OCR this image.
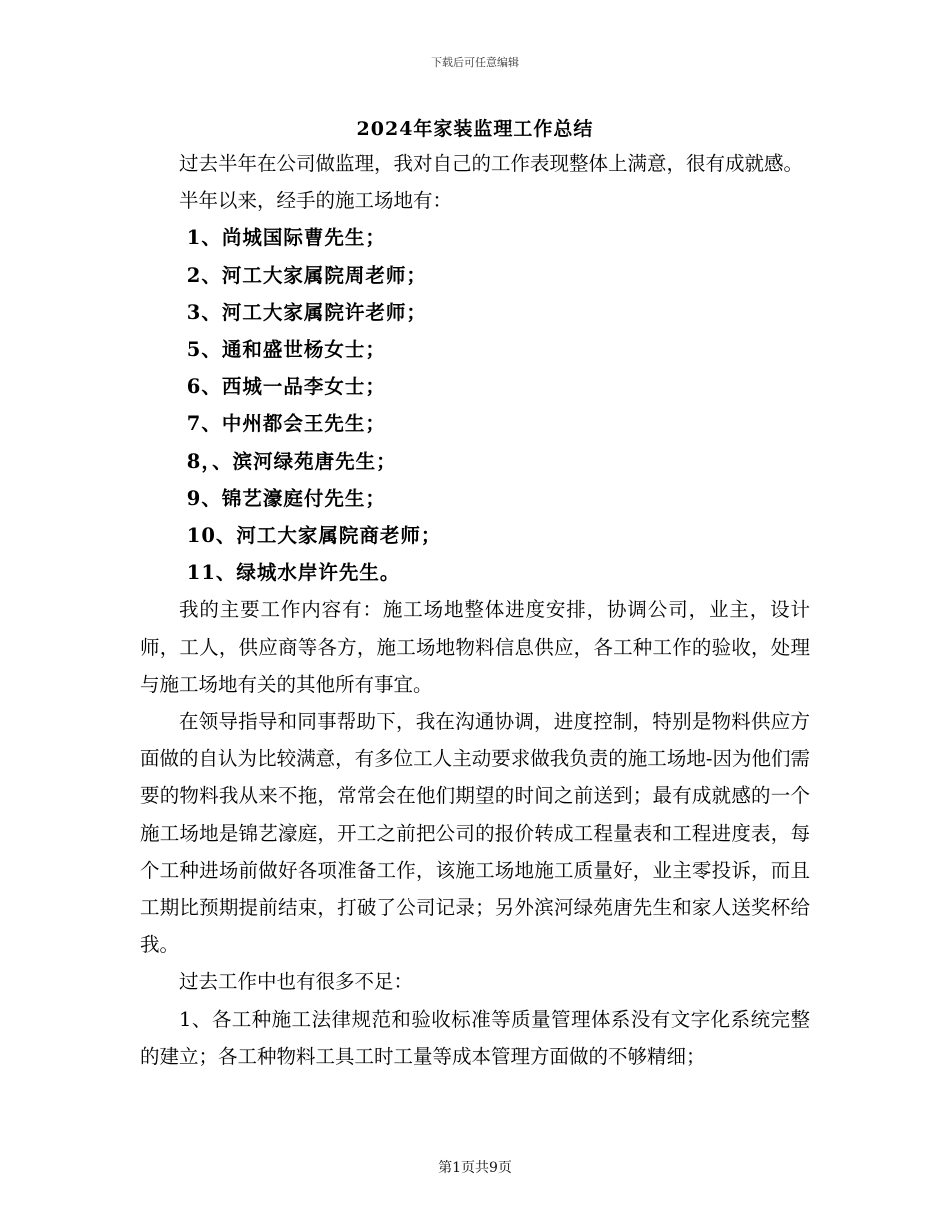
下载后可任意编辑
2024年家装监理工作总结

过去半年在公司做监理，我对自己的工作表现整体上满意，很有成就感。

半年以来，经手的施工场地有：

1、尚城国际曹先生；
2、河工大家属院周老师；
3、河工大家属院许老师；
5、通和盛世杨女士；
6、西城一品李女士；
7、中州都会王先生；
8，、滨河绿苑唐先生；
9、锦艺濠庭付先生；
10、河工大家属院商老师；
11、绿城水岸许先生。

我的主要工作内容有：施工场地整体进度安排，协调公司，业主，设计师，工人，供应商等各方，施工场地物料信息供应，各工种工作的验收，处理与施工场地有关的其他所有事宜。

在领导指导和同事帮助下，我在沟通协调，进度控制，特别是物料供应方面做的自认为比较满意，有多位工人主动要求做我负责的施工场地-因为他们需要的物料我从来不拖，常常会在他们期望的时间之前送到；最有成就感的一个施工场地是锦艺濠庭，开工之前把公司的报价转成工程量表和工程进度表，每个工种进场前做好各项准备工作，该施工场地施工质量好，业主零投诉，而且工期比预期提前结束，打破了公司记录；另外滨河绿苑唐先生和家人送奖杯给我。

过去工作中也有很多不足：

1、各工种施工法律规范和验收标准等质量管理体系没有文字化系统完整的建立；各工种物料工具工时工量等成本管理方面做的不够精细；

第1页共9页
